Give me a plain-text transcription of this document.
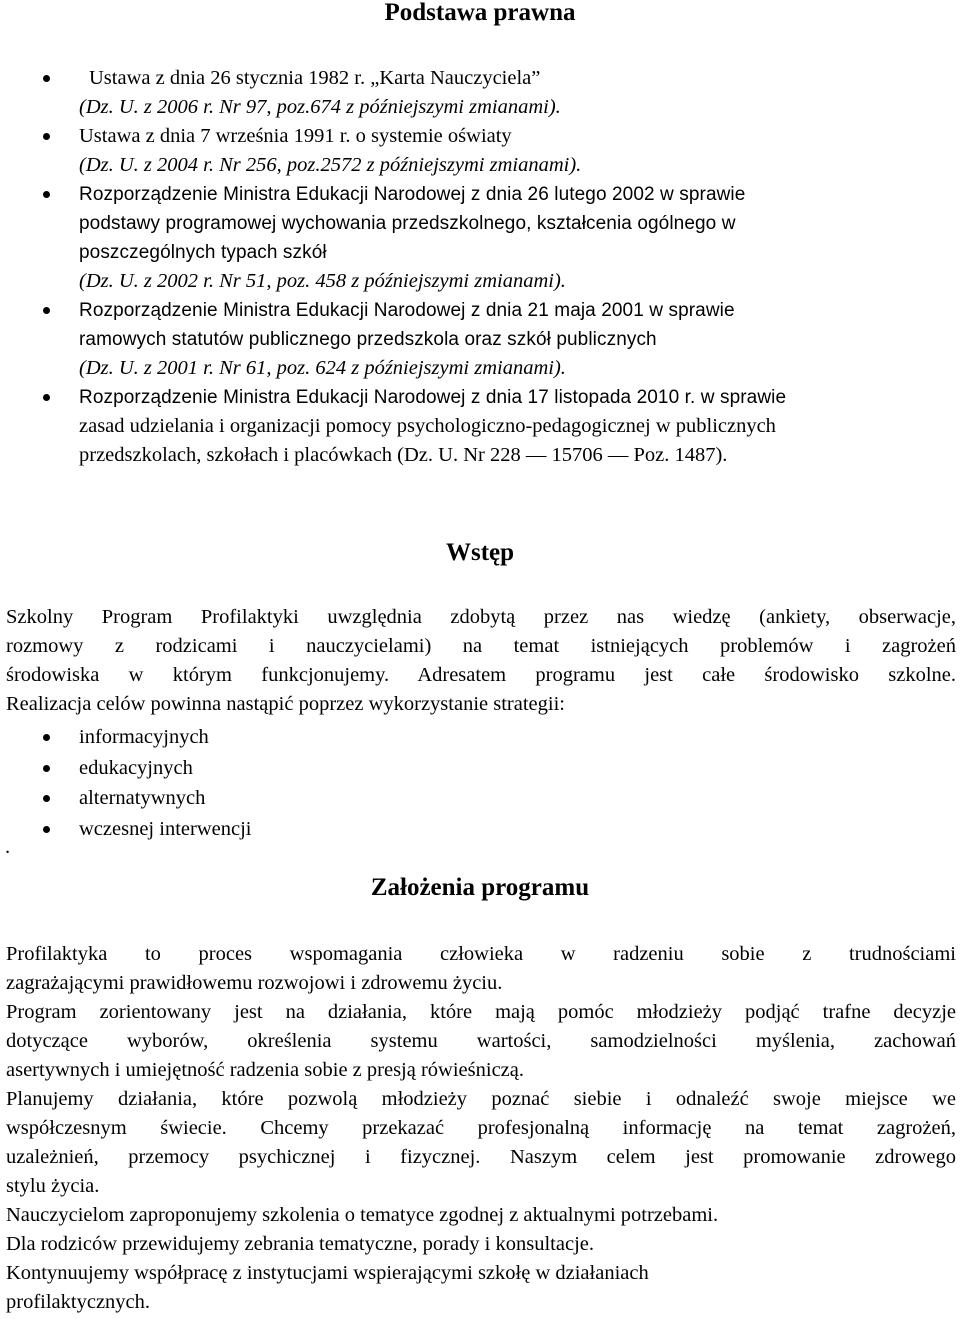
Podstawa prawna
Ustawa z dnia 26 stycznia 1982 r. „Karta Nauczyciela”
(Dz. U. z 2006 r. Nr 97, poz.674 z późniejszymi zmianami).
Ustawa z dnia 7 września 1991 r. o systemie oświaty
(Dz. U. z 2004 r. Nr 256, poz.2572 z późniejszymi zmianami).
Rozporządzenie Ministra Edukacji Narodowej z dnia 26 lutego 2002 w sprawie
podstawy programowej wychowania przedszkolnego, kształcenia ogólnego w
poszczególnych typach szkół
(Dz. U. z 2002 r. Nr 51, poz. 458 z późniejszymi zmianami).
Rozporządzenie Ministra Edukacji Narodowej z dnia 21 maja 2001 w sprawie
ramowych statutów publicznego przedszkola oraz szkół publicznych
(Dz. U. z 2001 r. Nr 61, poz. 624 z późniejszymi zmianami).
Rozporządzenie Ministra Edukacji Narodowej z dnia 17 listopada 2010 r. w sprawie
zasad udzielania i organizacji pomocy psychologiczno-pedagogicznej w publicznych
przedszkolach, szkołach i placówkach (Dz. U. Nr 228 — 15706 — Poz. 1487).
Wstęp
Szkolny Program Profilaktyki uwzględnia zdobytą przez nas wiedzę (ankiety, obserwacje,
rozmowy z rodzicami i nauczycielami) na temat istniejących problemów i zagrożeń
środowiska w którym funkcjonujemy. Adresatem programu jest całe środowisko szkolne.
Realizacja celów powinna nastąpić poprzez wykorzystanie strategii:
informacyjnych
edukacyjnych
alternatywnych
wczesnej interwencji
.
Założenia programu
Profilaktyka to proces wspomagania człowieka w radzeniu sobie z trudnościami
zagrażającymi prawidłowemu rozwojowi i zdrowemu życiu.
Program zorientowany jest na działania, które mają pomóc młodzieży podjąć trafne decyzje
dotyczące wyborów, określenia systemu wartości, samodzielności myślenia, zachowań
asertywnych i umiejętność radzenia sobie z presją rówieśniczą.
Planujemy działania, które pozwolą młodzieży poznać siebie i odnaleźć swoje miejsce we
współczesnym świecie. Chcemy przekazać profesjonalną informację na temat zagrożeń,
uzależnień, przemocy psychicznej i fizycznej. Naszym celem jest promowanie zdrowego
stylu życia.
Nauczycielom zaproponujemy szkolenia o tematyce zgodnej z aktualnymi potrzebami.
Dla rodziców przewidujemy zebrania tematyczne, porady i konsultacje.
Kontynuujemy współpracę z instytucjami wspierającymi szkołę w działaniach
profilaktycznych.
